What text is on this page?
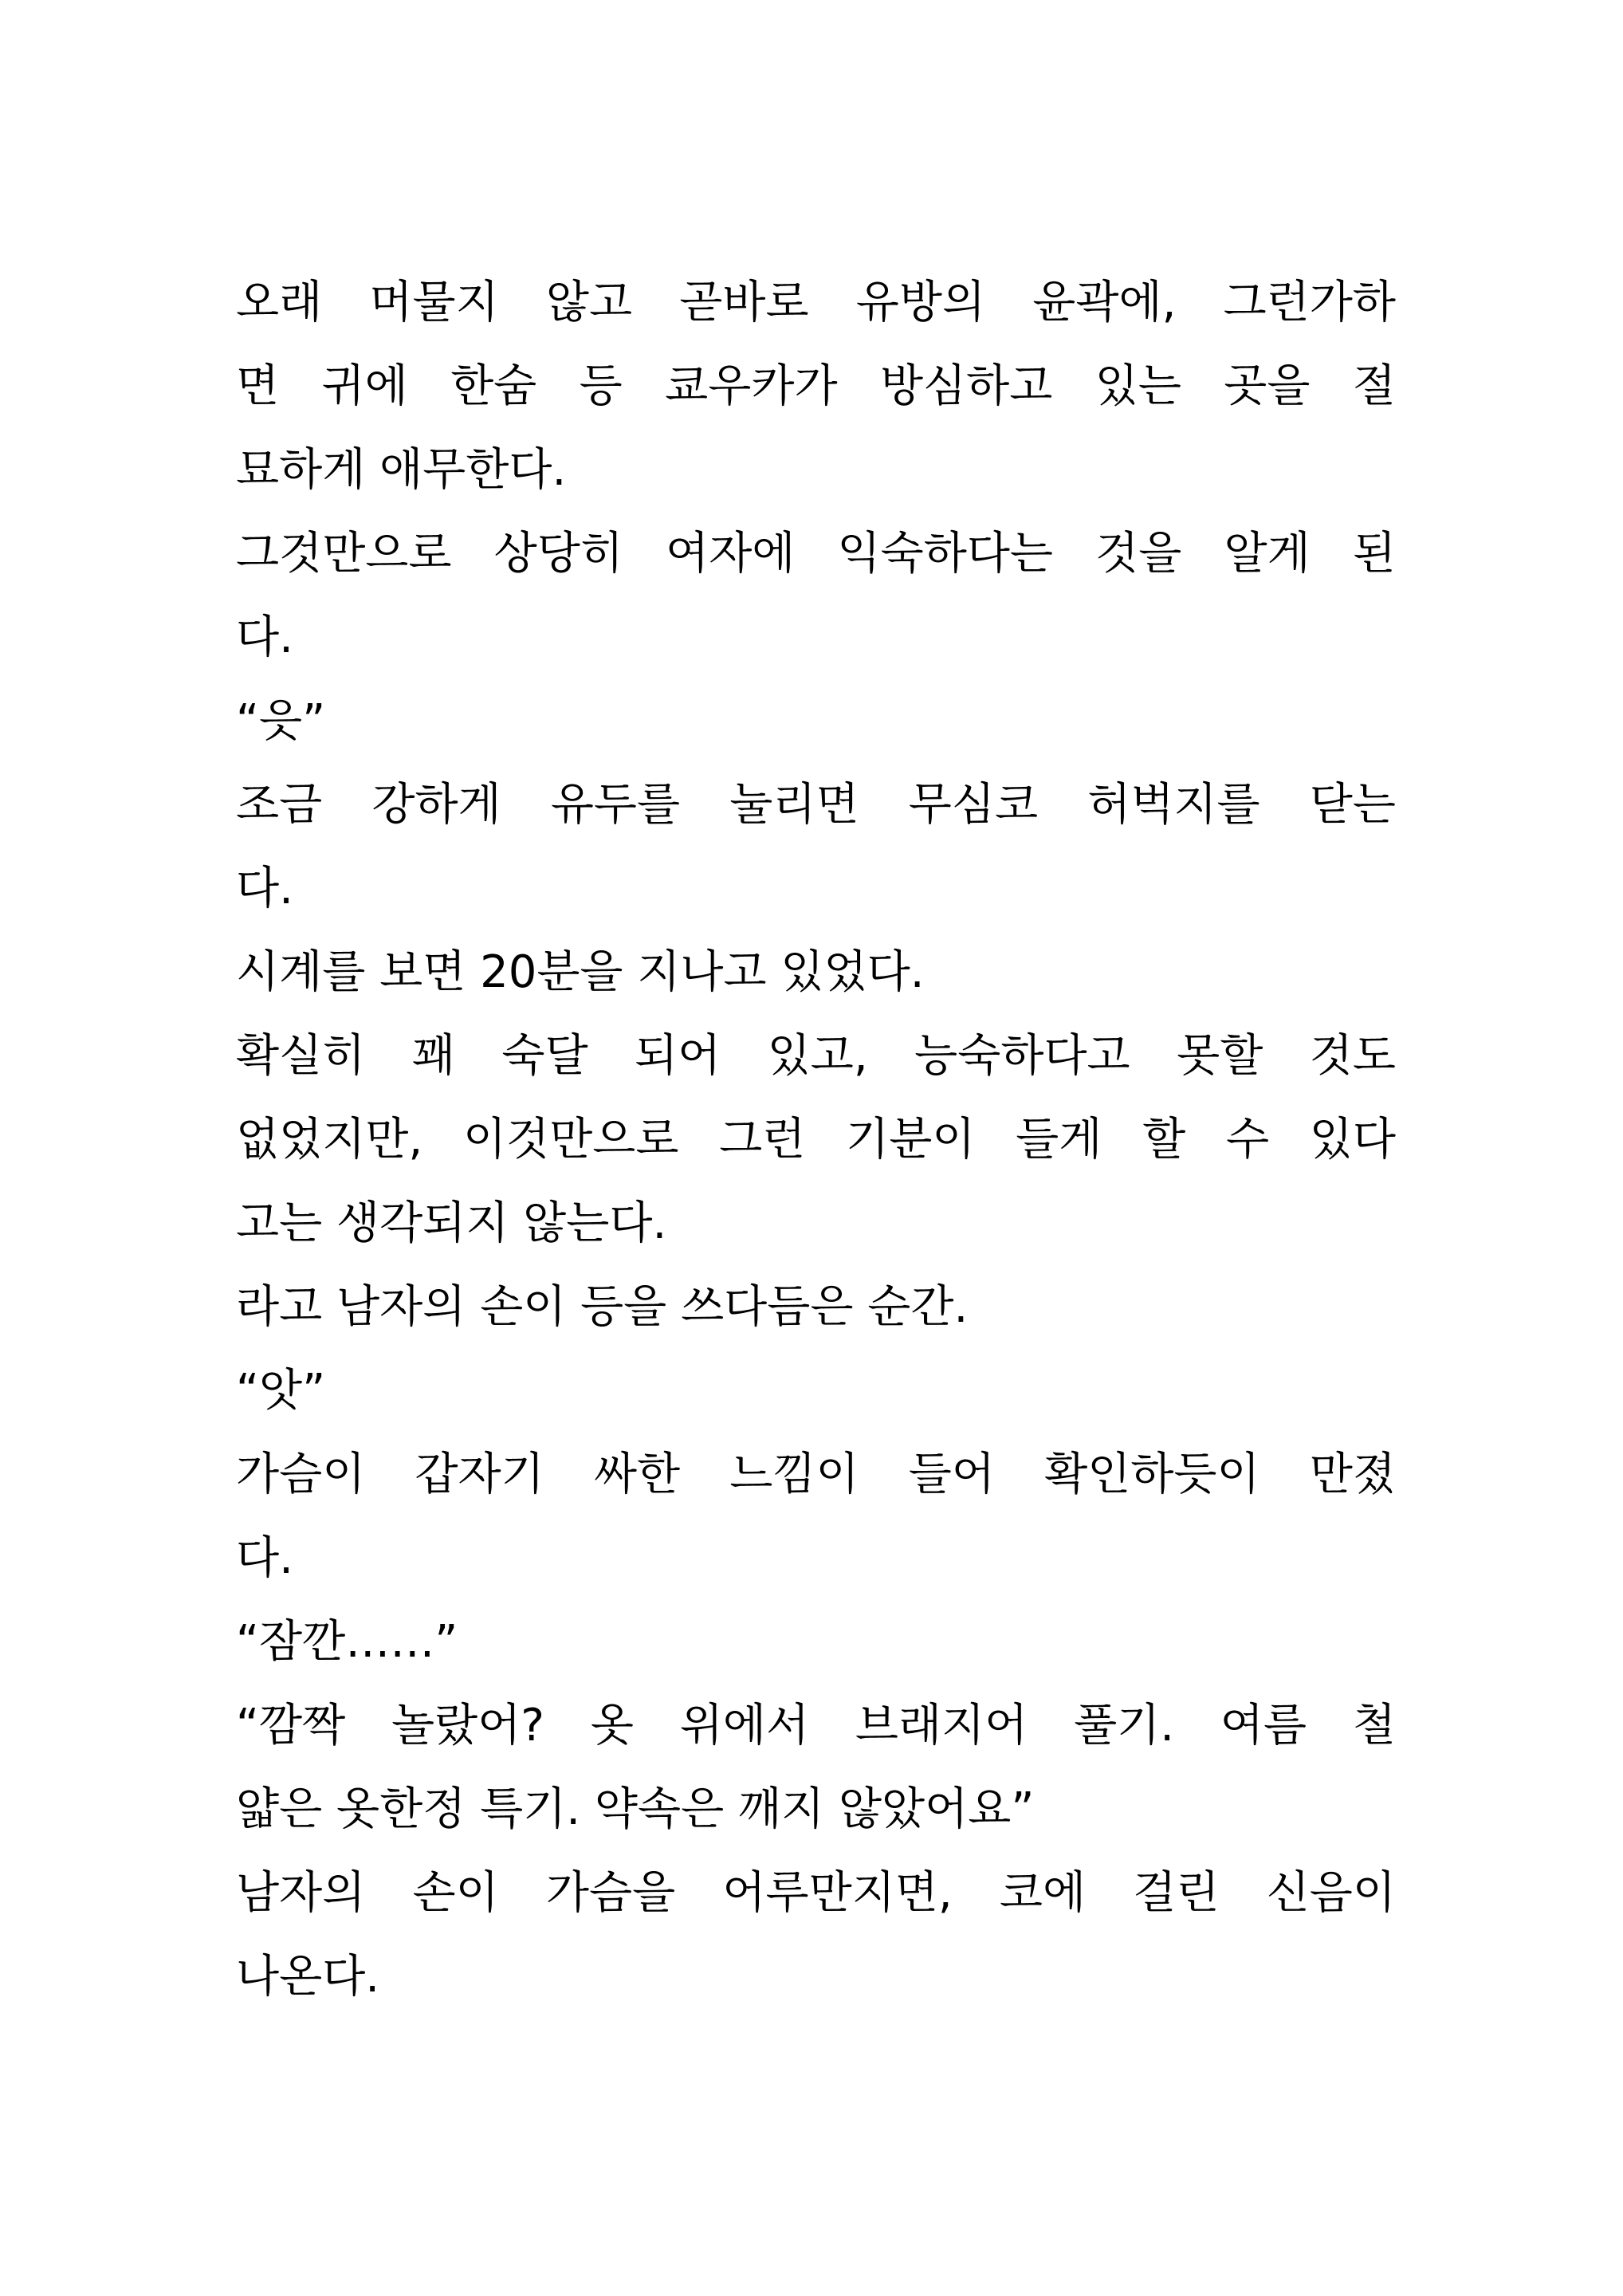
오래 머물지 않고 곧바로 유방의 윤곽에, 그런가하
면 귀에 한숨 등 쿄우카가 방심하고 있는 곳을 절
묘하게 애무한다.
그것만으로 상당히 여자에 익숙하다는 것을 알게 된
다.
“읏”
조금 강하게 유두를 눌리면 무심코 허벅지를 닫는
다.
시계를 보면 20분을 지나고 있었다.
확실히 꽤 숙달 되어 있고, 능숙하다고 못할 것도
없었지만, 이것만으로 그런 기분이 들게 할 수 있다
고는 생각되지 않는다.
라고 남자의 손이 등을 쓰다듬은 순간.
“앗”
가슴이 갑자기 싸한 느낌이 들어 확인하듯이 만졌
다.
“잠깐……”
“깜짝 놀랐어? 옷 위에서 브래지어 풀기. 여름 철
얇은 옷한정 특기. 약속은 깨지 않았어요”
남자의 손이 가슴을 어루만지면, 코에 걸린 신음이
나온다.
